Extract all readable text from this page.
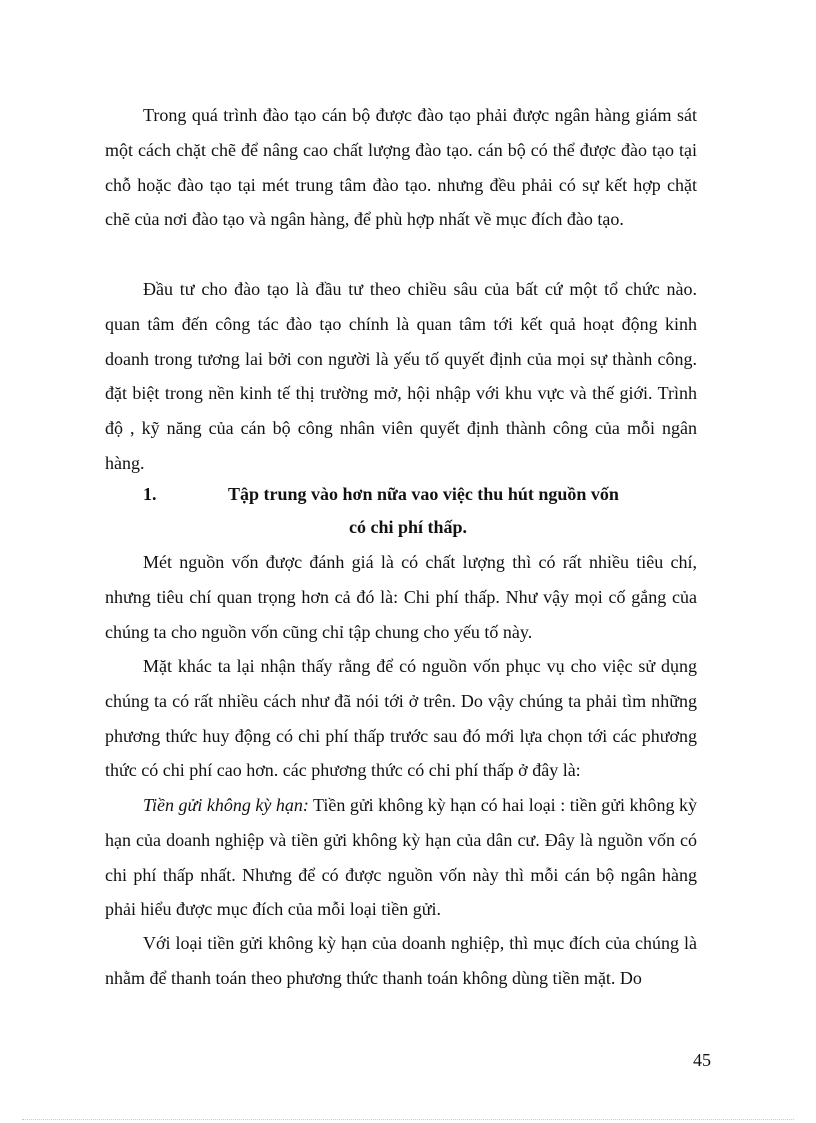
Trong quá trình đào tạo cán bộ được đào tạo phải được ngân hàng giám sát một cách chặt chẽ để nâng cao chất lượng đào tạo. cán bộ có thể được đào tạo tại chỗ hoặc đào tạo tại mét trung tâm đào tạo. nhưng đều phải có sự kết hợp chặt chẽ của nơi đào tạo và ngân hàng, để phù hợp nhất về mục đích đào tạo.

Đầu tư cho đào tạo là đầu tư theo chiều sâu của bất cứ một tổ chức nào. quan tâm đến công tác đào tạo chính là quan tâm tới kết quả hoạt động kinh doanh trong tương lai bởi con người là yếu tố quyết định của mọi sự thành công. đặt biệt trong nền kinh tế thị trường mở, hội nhập với khu vực và thế giới. Trình độ , kỹ năng của cán bộ công nhân viên quyết định thành công của mỗi ngân hàng.

1.	Tập trung vào hơn nữa vao việc thu hút nguồn vốn
có chi phí thấp.

Mét nguồn vốn được đánh giá là có chất lượng thì có rất nhiều tiêu chí, nhưng tiêu chí quan trọng hơn cả đó là: Chi phí thấp. Như vậy mọi cố gắng của chúng ta cho nguồn vốn cũng chỉ tập chung cho yếu tố này.

Mặt khác ta lại nhận thấy rằng để có nguồn vốn phục vụ cho việc sử dụng chúng ta có rất nhiều cách như đã nói tới ở trên. Do vậy chúng ta phải tìm những phương thức huy động có chi phí thấp trước sau đó mới lựa chọn tới các phương thức có chi phí cao hơn. các phương thức có chi phí thấp ở đây là:

Tiền gửi không kỳ hạn: Tiền gửi không kỳ hạn có hai loại : tiền gửi không kỳ hạn của doanh nghiệp và tiền gửi không kỳ hạn của dân cư. Đây là nguồn vốn có chi phí thấp nhất. Nhưng để có được nguồn vốn này thì mỗi cán bộ ngân hàng phải hiểu được mục đích của mỗi loại tiền gửi.

Với loại tiền gửi không kỳ hạn của doanh nghiệp, thì mục đích của chúng là nhằm để thanh toán theo phương thức thanh toán không dùng tiền mặt. Do

45
